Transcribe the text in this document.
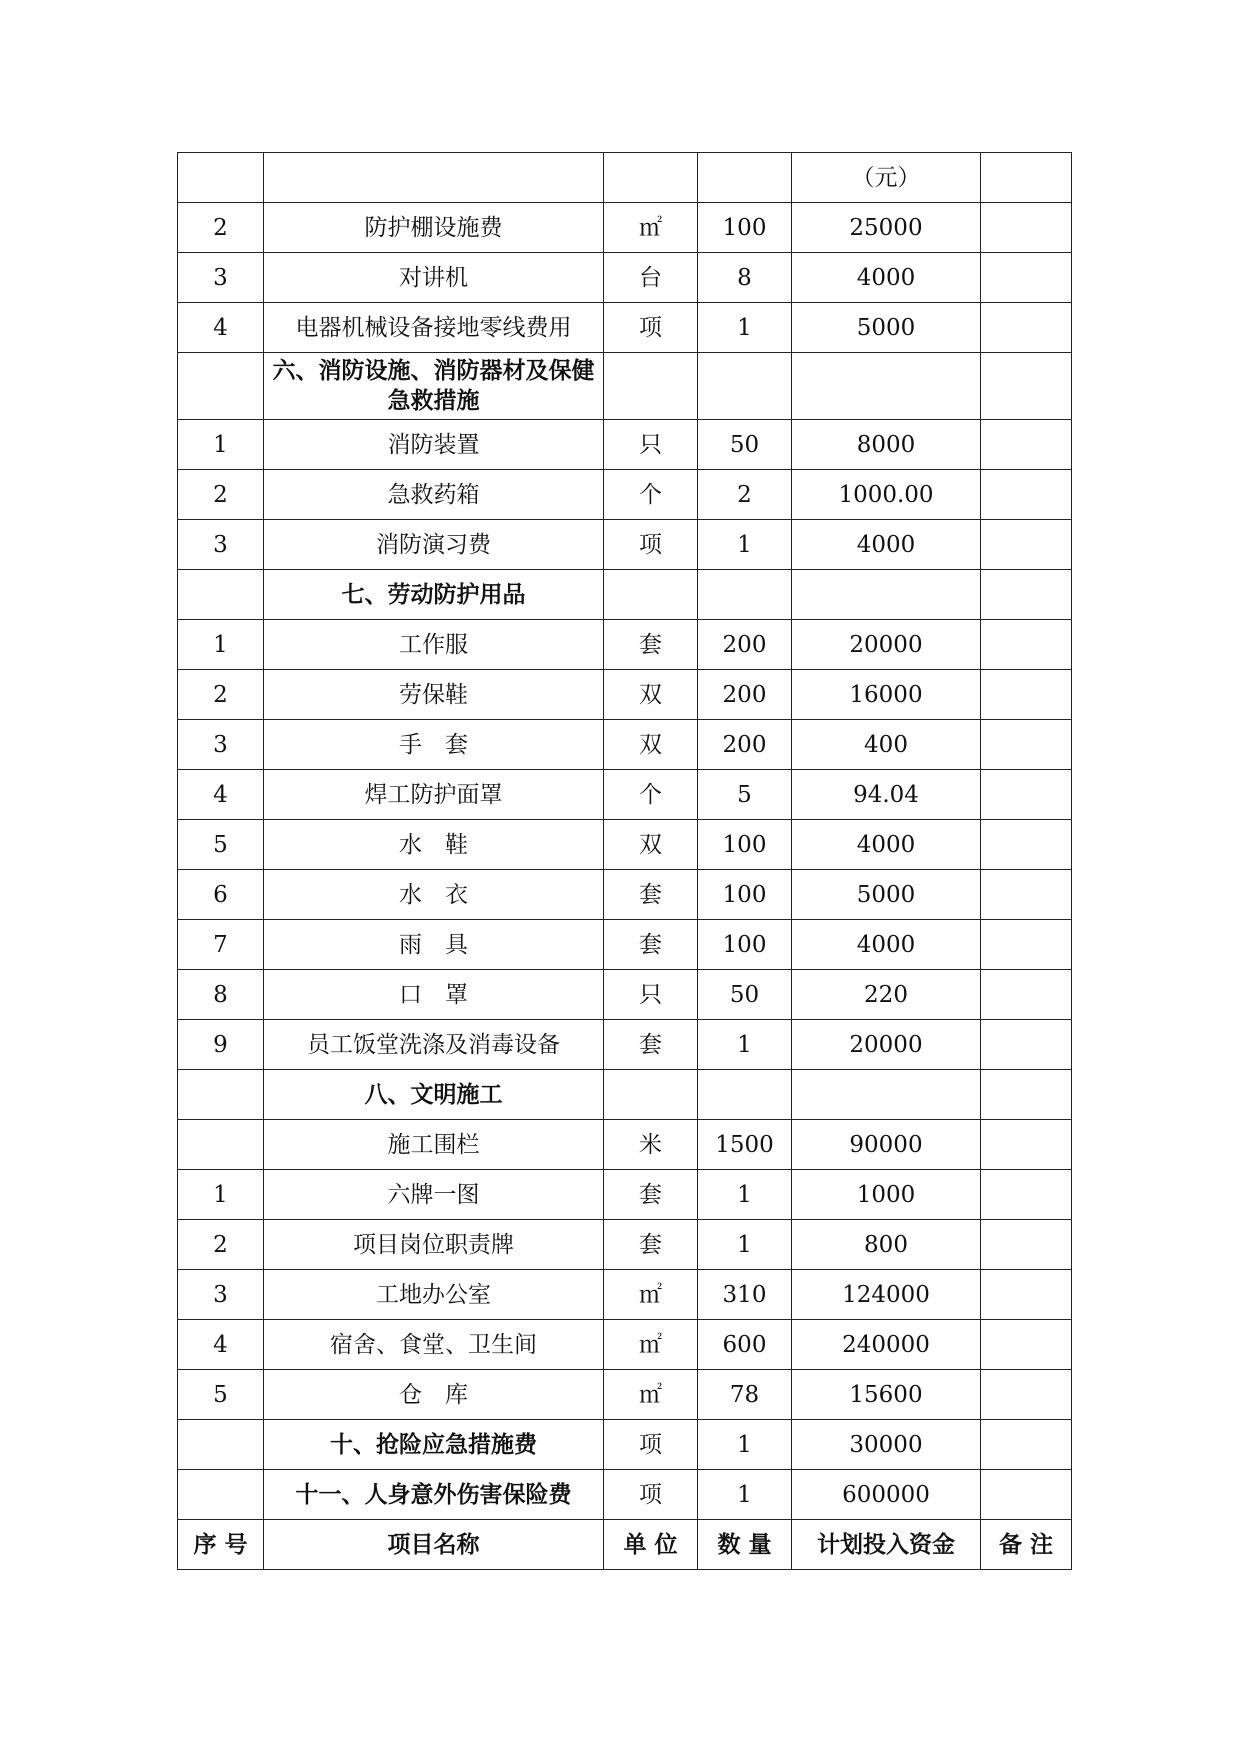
				（元）	
2	防护棚设施费	㎡	100	25000	
3	对讲机	台	8	4000	
4	电器机械设备接地零线费用	项	1	5000	
	六、消防设施、消防器材及保健急救措施				
1	消防装置	只	50	8000	
2	急救药箱	个	2	1000.00	
3	消防演习费	项	1	4000	
	七、劳动防护用品				
1	工作服	套	200	20000	
2	劳保鞋	双	200	16000	
3	手　套	双	200	400	
4	焊工防护面罩	个	5	94.04	
5	水　鞋	双	100	4000	
6	水　衣	套	100	5000	
7	雨　具	套	100	4000	
8	口　罩	只	50	220	
9	员工饭堂洗涤及消毒设备	套	1	20000	
	八、文明施工				
	施工围栏	米	1500	90000	
1	六牌一图	套	1	1000	
2	项目岗位职责牌	套	1	800	
3	工地办公室	㎡	310	124000	
4	宿舍、食堂、卫生间	㎡	600	240000	
5	仓　库	㎡	78	15600	
	十、抢险应急措施费	项	1	30000	
	十一、人身意外伤害保险费	项	1	600000	
序 号	项目名称	单 位	数 量	计划投入资金	备 注
